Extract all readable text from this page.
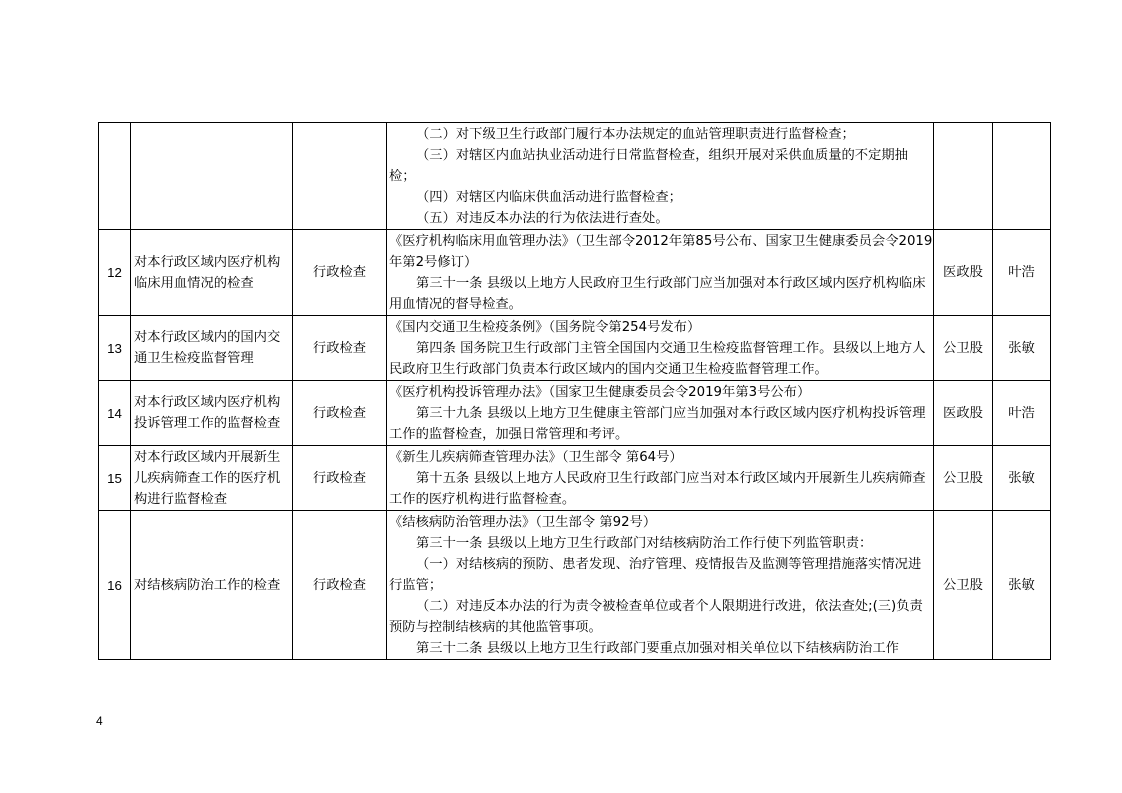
			（二）对下级卫生行政部门履行本办法规定的血站管理职责进行监督检查；

（三）对辖区内血站执业活动进行日常监督检查，组织开展对采供血质量的不定期抽检；

（四）对辖区内临床供血活动进行监督检查；

（五）对违反本办法的行为依法进行查处。		

12	对本行政区域内医疗机构临床用血情况的检查	行政检查	《医疗机构临床用血管理办法》（卫生部令2012年第85号公布、国家卫生健康委员会令2019年第2号修订）

第三十一条 县级以上地方人民政府卫生行政部门应当加强对本行政区域内医疗机构临床用血情况的督导检查。	医政股	叶浩
13	对本行政区域内的国内交通卫生检疫监督管理	行政检查	《国内交通卫生检疫条例》（国务院令第254号发布）

第四条 国务院卫生行政部门主管全国国内交通卫生检疫监督管理工作。县级以上地方人民政府卫生行政部门负责本行政区域内的国内交通卫生检疫监督管理工作。	公卫股	张敏
14	对本行政区域内医疗机构投诉管理工作的监督检查	行政检查	《医疗机构投诉管理办法》（国家卫生健康委员会令2019年第3号公布）

第三十九条 县级以上地方卫生健康主管部门应当加强对本行政区域内医疗机构投诉管理工作的监督检查，加强日常管理和考评。	医政股	叶浩
15	对本行政区域内开展新生儿疾病筛查工作的医疗机构进行监督检查	行政检查	《新生儿疾病筛查管理办法》（卫生部令 第64号）

第十五条 县级以上地方人民政府卫生行政部门应当对本行政区域内开展新生儿疾病筛查工作的医疗机构进行监督检查。	公卫股	张敏
16	对结核病防治工作的检查	行政检查	《结核病防治管理办法》（卫生部令 第92号）

第三十一条 县级以上地方卫生行政部门对结核病防治工作行使下列监管职责：

（一）对结核病的预防、患者发现、治疗管理、疫情报告及监测等管理措施落实情况进行监管；

（二）对违反本办法的行为责令被检查单位或者个人限期进行改进，依法查处;(三)负责预防与控制结核病的其他监管事项。

第三十二条 县级以上地方卫生行政部门要重点加强对相关单位以下结核病防治工作	公卫股	张敏
4
